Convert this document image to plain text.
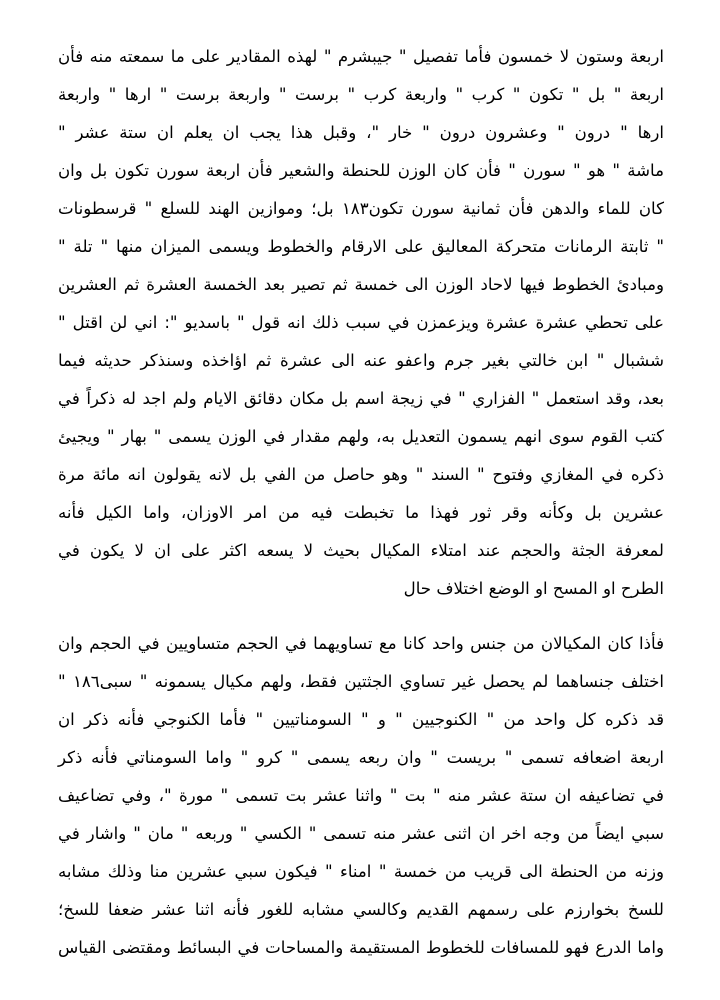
اربعة وستون لا خمسون فأما تفصيل " جيبشرم " لهذه المقادير على ما سمعته منه فأن
اربعة " بل " تكون " كرب " واربعة كرب " برست " واربعة برست " ارها " واربعة
ارها " درون " وعشرون درون " خار "، وقبل هذا يجب ان يعلم ان ستة عشر "
ماشة " هو " سورن " فأن كان الوزن للحنطة والشعير فأن اربعة سورن تكون بل وان
كان للماء والدهن فأن ثمانية سورن تكون١٨٣ بل؛ وموازين الهند للسلع " قرسطونات
" ثابتة الرمانات متحركة المعاليق على الارقام والخطوط ويسمى الميزان منها " تلة "
ومبادئ الخطوط فيها لاحاد الوزن الى خمسة ثم تصير بعد الخمسة العشرة ثم العشرين
على تحطي عشرة عشرة ويزعمزن في سبب ذلك انه قول " باسديو ": اني لن اقتل "
ششبال " ابن خالتي بغير جرم واعفو عنه الى عشرة ثم اؤاخذه وسنذكر حديثه فيما
بعد، وقد استعمل " الفزاري " في زيجة اسم بل مكان دقائق الايام ولم اجد له ذكراً في
كتب القوم سوى انهم يسمون التعديل به، ولهم مقدار في الوزن يسمى " بهار " ويجيئ
ذكره في المغازي وفتوح " السند " وهو حاصل من الفي بل لانه يقولون انه مائة مرة
عشرين بل وكأنه وقر ثور فهذا ما تخبطت فيه من امر الاوزان، واما الكيل فأنه
لمعرفة الجثة والحجم عند امتلاء المكيال بحيث لا يسعه اكثر على ان لا يكون في
الطرح او المسح او الوضع اختلاف حال
فأذا كان المكيالان من جنس واحد كانا مع تساويهما في الحجم متساويين في الحجم وان
اختلف جنساهما لم يحصل غير تساوي الجثتين فقط، ولهم مكيال يسمونه " سبى١٨٦ "
قد ذكره كل واحد من " الكنوجيين " و " السومناتيين " فأما الكنوجي فأنه ذكر ان
اربعة اضعافه تسمى " بريست " وان ربعه يسمى " كرو " واما السومناتي فأنه ذكر
في تضاعيفه ان ستة عشر منه " بت " واثنا عشر بت تسمى " مورة "، وفي تضاعيف
سبي ايضاً من وجه اخر ان اثنى عشر منه تسمى " الكسي " وربعه " مان " واشار في
وزنه من الحنطة الى قريب من خمسة " امناء " فيكون سبي عشرين منا وذلك مشابه
للسخ بخوارزم على رسمهم القديم وكالسي مشابه للغور فأنه اثنا عشر ضعفا للسخ؛
واما الدرع فهو للمسافات للخطوط المستقيمة والمساحات في البسائط ومقتضى القياس
